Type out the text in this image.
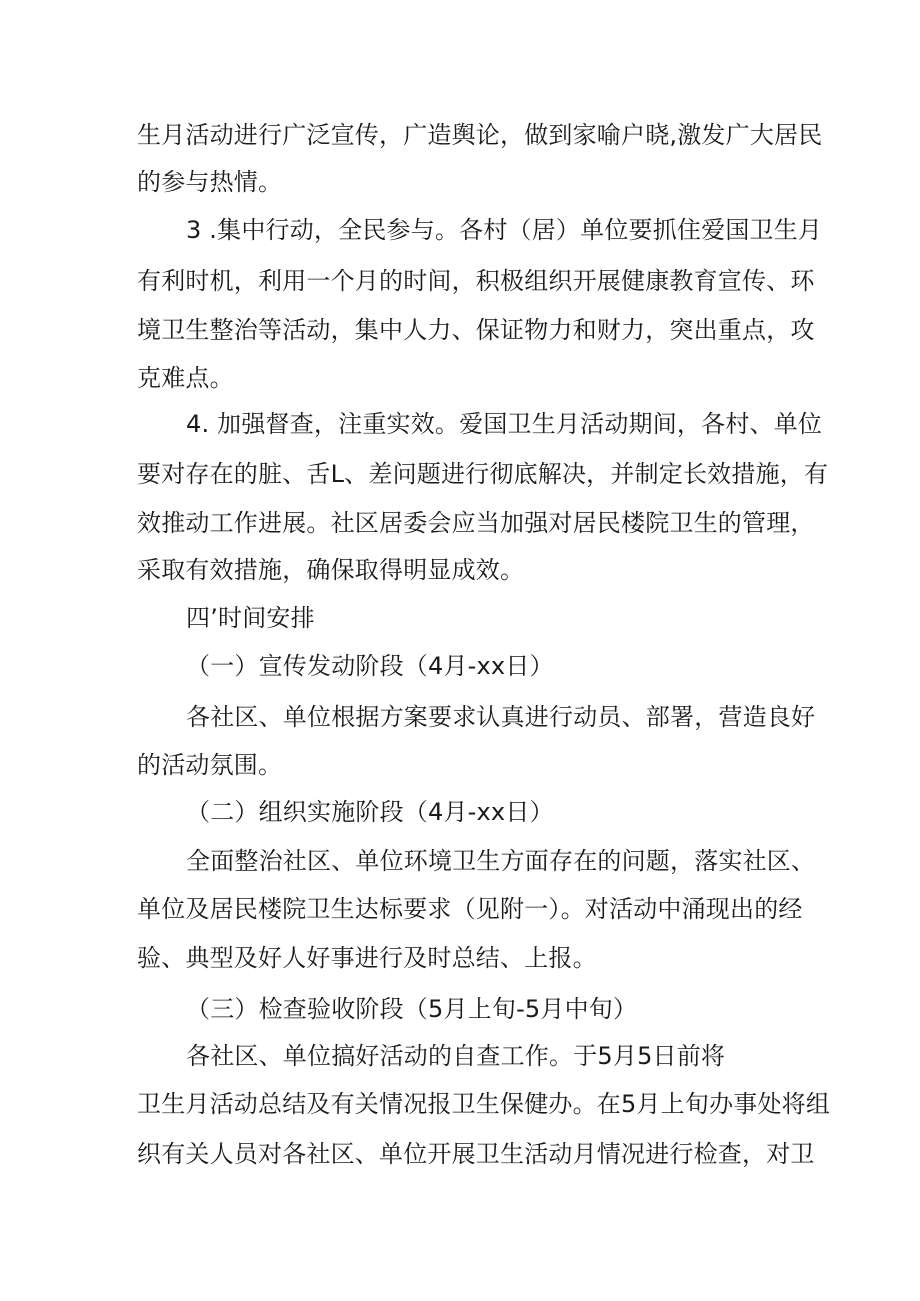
生月活动进行广泛宣传，广造舆论，做到家喻户晓,激发广大居民
的参与热情。
3 .集中行动，全民参与。各村（居）单位要抓住爱国卫生月
有利时机，利用一个月的时间，积极组织开展健康教育宣传、环
境卫生整治等活动，集中人力、保证物力和财力，突出重点，攻
克难点。
4. 加强督查，注重实效。爱国卫生月活动期间，各村、单位
要对存在的脏、舌L、差问题进行彻底解决，并制定长效措施，有
效推动工作进展。社区居委会应当加强对居民楼院卫生的管理，
采取有效措施，确保取得明显成效。
四’时间安排
（一）宣传发动阶段（4月-xx日）
各社区、单位根据方案要求认真进行动员、部署，营造良好
的活动氛围。
（二）组织实施阶段（4月-xx日）
全面整治社区、单位环境卫生方面存在的问题，落实社区、
单位及居民楼院卫生达标要求（见附一）。对活动中涌现出的经
验、典型及好人好事进行及时总结、上报。
（三）检查验收阶段（5月上旬-5月中旬）
各社区、单位搞好活动的自查工作。于5月5日前将
卫生月活动总结及有关情况报卫生保健办。在5月上旬办事处将组
织有关人员对各社区、单位开展卫生活动月情况进行检查，对卫
